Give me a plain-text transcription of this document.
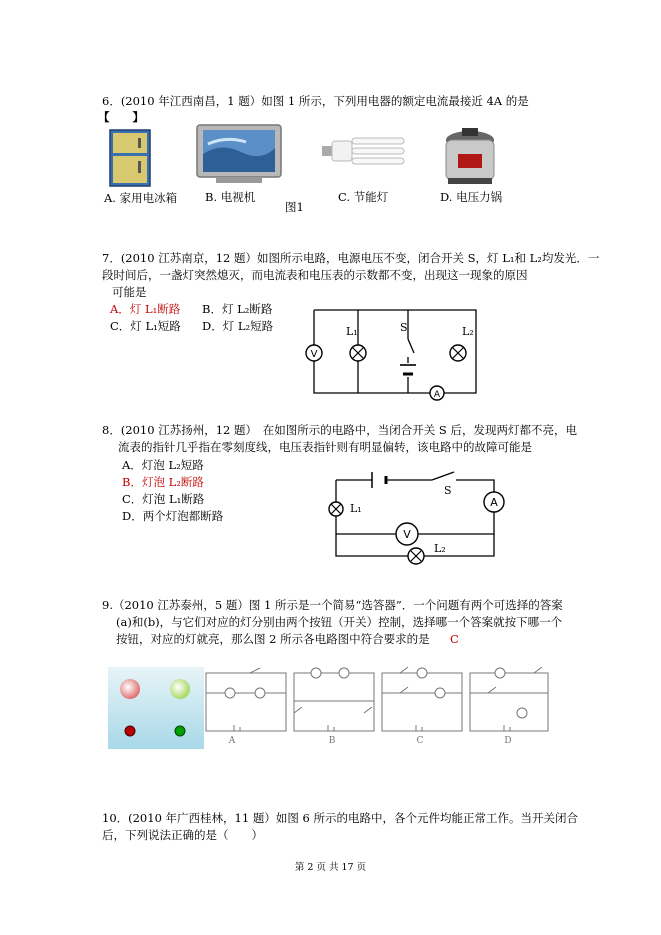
6．(2010 年江西南昌，1 题）如图 1 所示，下列用电器的额定电流最接近 4A 的是
【　　】
A. 家用电冰箱 B. 电视机
图1
C. 节能灯	D. 电压力锅
7．(2010 江苏南京，12 题）如图所示电路，电源电压不变，闭合开关 S，灯 L₁和 L₂均发光．一
段时间后，一盏灯突然熄灭，而电流表和电压表的示数都不变，出现这一现象的原因
可能是
A．灯 L₁断路 B．灯 L₂断路
C．灯 L₁短路 D．灯 L₂短路
V
A
L₁	S	L₂
8．(2010 江苏扬州，12 题）　在如图所示的电路中，当闭合开关 S 后，发现两灯都不亮，电
流表的指针几乎指在零刻度线，电压表指针则有明显偏转，该电路中的故障可能是
A．灯泡 L₂短路
B．灯泡 L₂断路
C．灯泡 L₁断路
D．两个灯泡都断路
A
V
L₁
S
L₂
9.（2010 江苏泰州，5 题）图 1 所示是一个简易“选答器”．一个问题有两个可选择的答案
(a)和(b)，与它们对应的灯分别由两个按钮（开关）控制，选择哪一个答案就按下哪一个
按钮，对应的灯就亮，那么图 2 所示各电路图中符合要求的是 C
A	B	C	D
10．(2010 年广西桂林，11 题）如图 6 所示的电路中，各个元件均能正常工作。当开关闭合
后，下列说法正确的是（　　）
第 2 页 共 17 页
